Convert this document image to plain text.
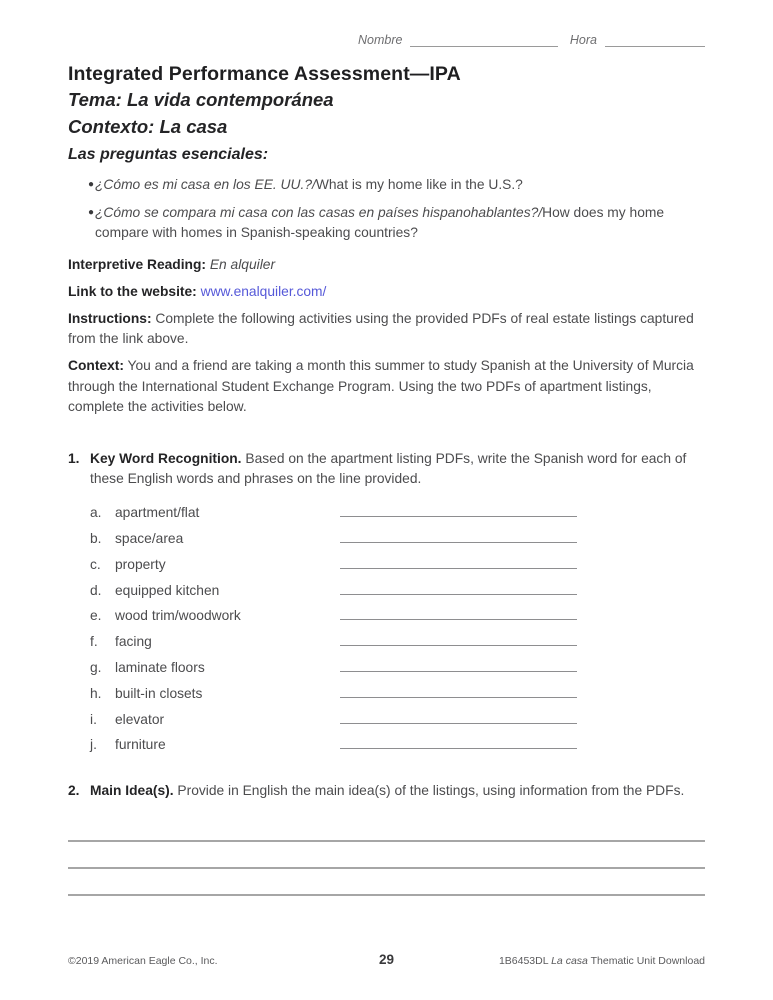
Nombre	Hora
Integrated Performance Assessment—IPA
Tema: La vida contemporánea
Contexto: La casa
Las preguntas esenciales:
● ¿Cómo es mi casa en los EE. UU.?/What is my home like in the U.S.?
● ¿Cómo se compara mi casa con las casas en países hispanohablantes?/How does my home compare with homes in Spanish-speaking countries?

Interpretive Reading: En alquiler

Link to the website: www.enalquiler.com/

Instructions: Complete the following activities using the provided PDFs of real estate listings captured from the link above.

Context: You and a friend are taking a month this summer to study Spanish at the University of Murcia through the International Student Exchange Program. Using the two PDFs of apartment listings, complete the activities below.

1. Key Word Recognition. Based on the apartment listing PDFs, write the Spanish word for each of these English words and phrases on the line provided.

a. apartment/flat
b. space/area
c. property
d. equipped kitchen
e. wood trim/woodwork
f. facing
g. laminate floors
h. built-in closets
i. elevator
j. furniture
2. Main Idea(s). Provide in English the main idea(s) of the listings, using information from the PDFs.

©2019 American Eagle Co., Inc.	29	1B6453DL La casa Thematic Unit Download
